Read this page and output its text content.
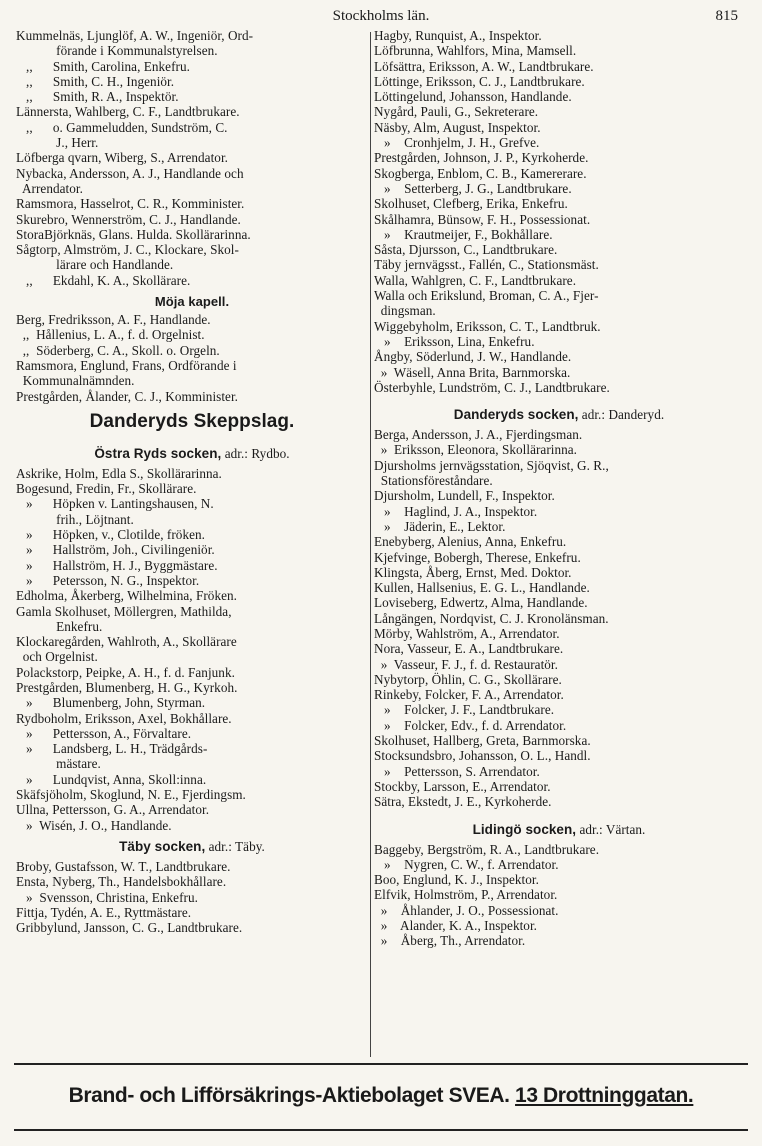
Stockholms län.	815
Kummelnäs, Ljunglöf, A. W., Ingeniör, Ord-
förande i Kommunalstyrelsen.
,,      Smith, Carolina, Enkefru.
,,      Smith, C. H., Ingeniör.
,,      Smith, R. A., Inspektör.
Lännersta, Wahlberg, C. F., Landtbrukare.
,,      o. Gammeludden, Sundström, C.
J., Herr.
Löfberga qvarn, Wiberg, S., Arrendator.
Nybacka, Andersson, A. J., Handlande och
Arrendator.
Ramsmora, Hasselrot, C. R., Komminister.
Skurebro, Wennerström, C. J., Handlande.
StoraBjörknäs, Glans. Hulda. Skollärarinna.
Sågtorp, Almström, J. C., Klockare, Skol-
lärare och Handlande.
,,      Ekdahl, K. A., Skollärare.
Möja kapell.
Berg, Fredriksson, A. F., Handlande.
,,  Hållenius, L. A., f. d. Orgelnist.
,,  Söderberg, C. A., Skoll. o. Orgeln.
Ramsmora, Englund, Frans, Ordförande i
Kommunalnämnden.
Prestgården, Ålander, C. J., Komminister.
Danderyds Skeppslag.
Östra Ryds socken, adr.: Rydbo.
Askrike, Holm, Edla S., Skollärarinna.
Bogesund, Fredin, Fr., Skollärare.
»      Höpken v. Lantingshausen, N.
frih., Löjtnant.
»      Höpken, v., Clotilde, fröken.
»      Hallström, Joh., Civilingeniör.
»      Hallström, H. J., Byggmästare.
»      Petersson, N. G., Inspektor.
Edholma, Åkerberg, Wilhelmina, Fröken.
Gamla Skolhuset, Möllergren, Mathilda,
Enkefru.
Klockaregården, Wahlroth, A., Skollärare
och Orgelnist.
Polackstorp, Peipke, A. H., f. d. Fanjunk.
Prestgården, Blumenberg, H. G., Kyrkoh.
»      Blumenberg, John, Styrman.
Rydboholm, Eriksson, Axel, Bokhållare.
»      Pettersson, A., Förvaltare.
»      Landsberg, L. H., Trädgårds-
mästare.
»      Lundqvist, Anna, Skoll:inna.
Skäfsjöholm, Skoglund, N. E., Fjerdingsm.
Ullna, Pettersson, G. A., Arrendator.
»  Wisén, J. O., Handlande.
Täby socken, adr.: Täby.
Broby, Gustafsson, W. T., Landtbrukare.
Ensta, Nyberg, Th., Handelsbokhållare.
»  Svensson, Christina, Enkefru.
Fittja, Tydén, A. E., Ryttmästare.
Gribbylund, Jansson, C. G., Landtbrukare.
Hagby, Runquist, A., Inspektor.
Löfbrunna, Wahlfors, Mina, Mamsell.
Löfsättra, Eriksson, A. W., Landtbrukare.
Löttinge, Eriksson, C. J., Landtbrukare.
Löttingelund, Johansson, Handlande.
Nygård, Pauli, G., Sekreterare.
Näsby, Alm, August, Inspektor.
»    Cronhjelm, J. H., Grefve.
Prestgården, Johnson, J. P., Kyrkoherde.
Skogberga, Enblom, C. B., Kamererare.
»    Setterberg, J. G., Landtbrukare.
Skolhuset, Clefberg, Erika, Enkefru.
Skålhamra, Bünsow, F. H., Possessionat.
»    Krautmeijer, F., Bokhållare.
Såsta, Djursson, C., Landtbrukare.
Täby jernvägsst., Fallén, C., Stationsmäst.
Walla, Wahlgren, C. F., Landtbrukare.
Walla och Erikslund, Broman, C. A., Fjer-
dingsman.
Wiggebyholm, Eriksson, C. T., Landtbruk.
»    Eriksson, Lina, Enkefru.
Ångby, Söderlund, J. W., Handlande.
»  Wäsell, Anna Brita, Barnmorska.
Österbyhle, Lundström, C. J., Landtbrukare.
Danderyds socken, adr.: Danderyd.
Berga, Andersson, J. A., Fjerdingsman.
»  Eriksson, Eleonora, Skollärarinna.
Djursholms jernvägsstation, Sjöqvist, G. R.,
Stationsföreståndare.
Djursholm, Lundell, F., Inspektor.
»    Haglind, J. A., Inspektor.
»    Jäderin, E., Lektor.
Enebyberg, Alenius, Anna, Enkefru.
Kjefvinge, Bobergh, Therese, Enkefru.
Klingsta, Åberg, Ernst, Med. Doktor.
Kullen, Hallsenius, E. G. L., Handlande.
Loviseberg, Edwertz, Alma, Handlande.
Långängen, Nordqvist, C. J. Kronolänsman.
Mörby, Wahlström, A., Arrendator.
Nora, Vasseur, E. A., Landtbrukare.
»  Vasseur, F. J., f. d. Restauratör.
Nybytorp, Öhlin, C. G., Skollärare.
Rinkeby, Folcker, F. A., Arrendator.
»    Folcker, J. F., Landtbrukare.
»    Folcker, Edv., f. d. Arrendator.
Skolhuset, Hallberg, Greta, Barnmorska.
Stocksundsbro, Johansson, O. L., Handl.
»    Pettersson, S. Arrendator.
Stockby, Larsson, E., Arrendator.
Sätra, Ekstedt, J. E., Kyrkoherde.
Lidingö socken, adr.: Värtan.
Baggeby, Bergström, R. A., Landtbrukare.
»    Nygren, C. W., f. Arrendator.
Boo, Englund, K. J., Inspektor.
Elfvik, Holmström, P., Arrendator.
»    Åhlander, J. O., Possessionat.
»    Alander, K. A., Inspektor.
»    Åberg, Th., Arrendator.
Brand- och Lifförsäkrings-Aktiebolaget SVEA. 13 Drottninggatan.
